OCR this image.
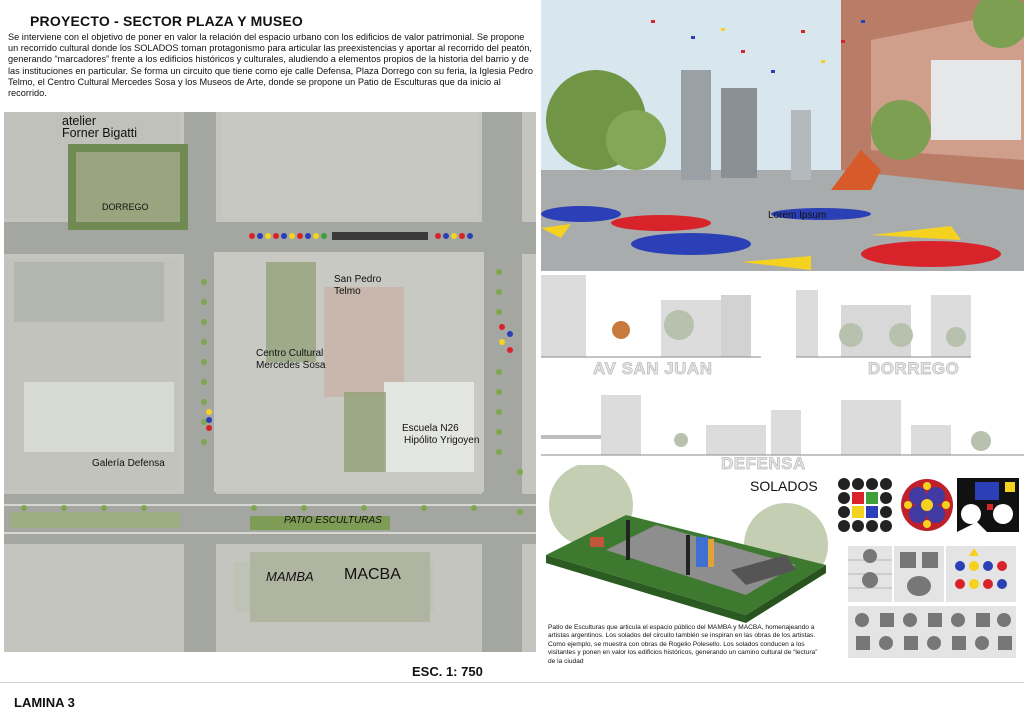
PROYECTO - SECTOR PLAZA Y MUSEO
Se interviene con el objetivo de poner en valor la relación del espacio urbano con los edificios de valor patrimonial. Se propone un recorrido cultural donde los SOLADOS toman protagonismo para articular las preexistencias y aportar al recorrido del peatón, generando “marcadores” frente a los edificios históricos y culturales, aludiendo a elementos propios de la historia del barrio y de las instituciones en particular. Se forma un circuito que tiene como eje calle Defensa, Plaza Dorrego con su feria, la Iglesia Pedro Telmo, el Centro Cultural Mercedes Sosa y los Museos de Arte, donde se propone un Patio de Esculturas que da inicio al recorrido.
atelier
Forner Bigatti
DORREGO
San Pedro
Telmo
Centro Cultural
Mercedes Sosa
Escuela N26
Hipólito Yrigoyen
Galería Defensa
PATIO ESCULTURAS
MAMBA MACBA
ESC. 1: 750
LAMINA 3
Lorem Ipsum
AV SAN JUAN	DORREGO
DEFENSA
SOLADOS
Patio de Esculturas que articula el espacio público del MAMBA y MACBA, homenajeando a artistas argentinos. Los solados del circuito también se inspiran en las obras de los artistas. Como ejemplo, se muestra con obras de Rogelio Polesello. Los solados conducen a los visitantes y ponen en valor los edificios históricos, generando un camino cultural de “lectura” de la ciudad
